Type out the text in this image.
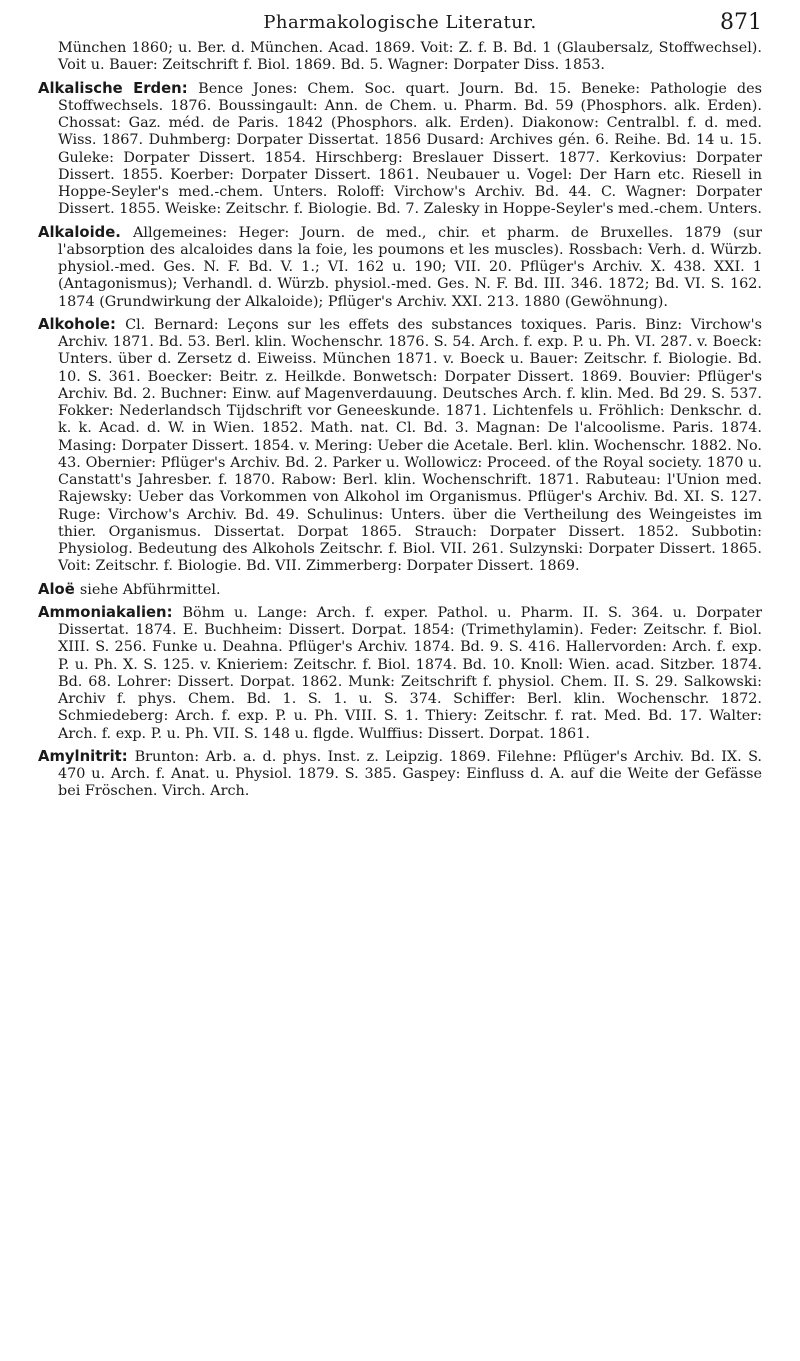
Pharmakologische Literatur.	871

München 1860; u. Ber. d. München. Acad. 1869. Voit: Z. f. B. Bd. 1 (Glaubersalz, Stoffwechsel). Voit u. Bauer: Zeitschrift f. Biol. 1869. Bd. 5. Wagner: Dorpater Diss. 1853.

Alkalische Erden:

Bence Jones: Chem. Soc. quart. Journ. Bd. 15. Beneke: Pathologie des Stoffwechsels. 1876. Boussingault: Ann. de Chem. u. Pharm. Bd. 59 (Phosphors. alk. Erden). Chossat: Gaz. méd. de Paris. 1842 (Phosphors. alk. Erden). Diakonow: Centralbl. f. d. med. Wiss. 1867. Duhmberg: Dorpater Dissertat. 1856 Dusard: Archives gén. 6. Reihe. Bd. 14 u. 15. Guleke: Dorpater Dissert. 1854. Hirschberg: Breslauer Dissert. 1877. Kerkovius: Dorpater Dissert. 1855. Koerber: Dorpater Dissert. 1861. Neubauer u. Vogel: Der Harn etc. Riesell in Hoppe-Seyler's med.-chem. Unters. Roloff: Virchow's Archiv. Bd. 44. C. Wagner: Dorpater Dissert. 1855. Weiske: Zeitschr. f. Biologie. Bd. 7. Zalesky in Hoppe-Seyler's med.-chem. Unters.

Alkaloide.

Allgemeines: Heger: Journ. de med., chir. et pharm. de Bruxelles. 1879 (sur l'absorption des alcaloides dans la foie, les poumons et les muscles). Rossbach: Verh. d. Würzb. physiol.-med. Ges. N. F. Bd. V. 1.; VI. 162 u. 190; VII. 20. Pflüger's Archiv. X. 438. XXI. 1 (Antagonismus); Verhandl. d. Würzb. physiol.-med. Ges. N. F. Bd. III. 346. 1872; Bd. VI. S. 162. 1874 (Grundwirkung der Alkaloide); Pflüger's Archiv. XXI. 213. 1880 (Gewöhnung).

Alkohole:

Cl. Bernard: Leçons sur les effets des substances toxiques. Paris. Binz: Virchow's Archiv. 1871. Bd. 53. Berl. klin. Wochenschr. 1876. S. 54. Arch. f. exp. P. u. Ph. VI. 287. v. Boeck: Unters. über d. Zersetz d. Eiweiss. München 1871. v. Boeck u. Bauer: Zeitschr. f. Biologie. Bd. 10. S. 361. Boecker: Beitr. z. Heilkde. Bonwetsch: Dorpater Dissert. 1869. Bouvier: Pflüger's Archiv. Bd. 2. Buchner: Einw. auf Magenverdauung. Deutsches Arch. f. klin. Med. Bd 29. S. 537. Fokker: Nederlandsch Tijdschrift vor Geneeskunde. 1871. Lichtenfels u. Fröhlich: Denkschr. d. k. k. Acad. d. W. in Wien. 1852. Math. nat. Cl. Bd. 3. Magnan: De l'alcoolisme. Paris. 1874. Masing: Dorpater Dissert. 1854. v. Mering: Ueber die Acetale. Berl. klin. Wochenschr. 1882. No. 43. Obernier: Pflüger's Archiv. Bd. 2. Parker u. Wollowicz: Proceed. of the Royal society. 1870 u. Canstatt's Jahresber. f. 1870. Rabow: Berl. klin. Wochenschrift. 1871. Rabuteau: l'Union med. Rajewsky: Ueber das Vorkommen von Alkohol im Organismus. Pflüger's Archiv. Bd. XI. S. 127. Ruge: Virchow's Archiv. Bd. 49. Schulinus: Unters. über die Vertheilung des Weingeistes im thier. Organismus. Dissertat. Dorpat 1865. Strauch: Dorpater Dissert. 1852. Subbotin: Physiolog. Bedeutung des Alkohols Zeitschr. f. Biol. VII. 261. Sulzynski: Dorpater Dissert. 1865. Voit: Zeitschr. f. Biologie. Bd. VII. Zimmerberg: Dorpater Dissert. 1869.

Aloë

siehe Abführmittel.

Ammoniakalien:

Böhm u. Lange: Arch. f. exper. Pathol. u. Pharm. II. S. 364. u. Dorpater Dissertat. 1874. E. Buchheim: Dissert. Dorpat. 1854: (Trimethylamin). Feder: Zeitschr. f. Biol. XIII. S. 256. Funke u. Deahna. Pflüger's Archiv. 1874. Bd. 9. S. 416. Hallervorden: Arch. f. exp. P. u. Ph. X. S. 125. v. Knieriem: Zeitschr. f. Biol. 1874. Bd. 10. Knoll: Wien. acad. Sitzber. 1874. Bd. 68. Lohrer: Dissert. Dorpat. 1862. Munk: Zeitschrift f. physiol. Chem. II. S. 29. Salkowski: Archiv f. phys. Chem. Bd. 1. S. 1. u. S. 374. Schiffer: Berl. klin. Wochenschr. 1872. Schmiedeberg: Arch. f. exp. P. u. Ph. VIII. S. 1. Thiery: Zeitschr. f. rat. Med. Bd. 17. Walter: Arch. f. exp. P. u. Ph. VII. S. 148 u. flgde. Wulffius: Dissert. Dorpat. 1861.

Amylnitrit:

Brunton: Arb. a. d. phys. Inst. z. Leipzig. 1869. Filehne: Pflüger's Archiv. Bd. IX. S. 470 u. Arch. f. Anat. u. Physiol. 1879. S. 385. Gaspey: Einfluss d. A. auf die Weite der Gefässe bei Fröschen. Virch. Arch.
